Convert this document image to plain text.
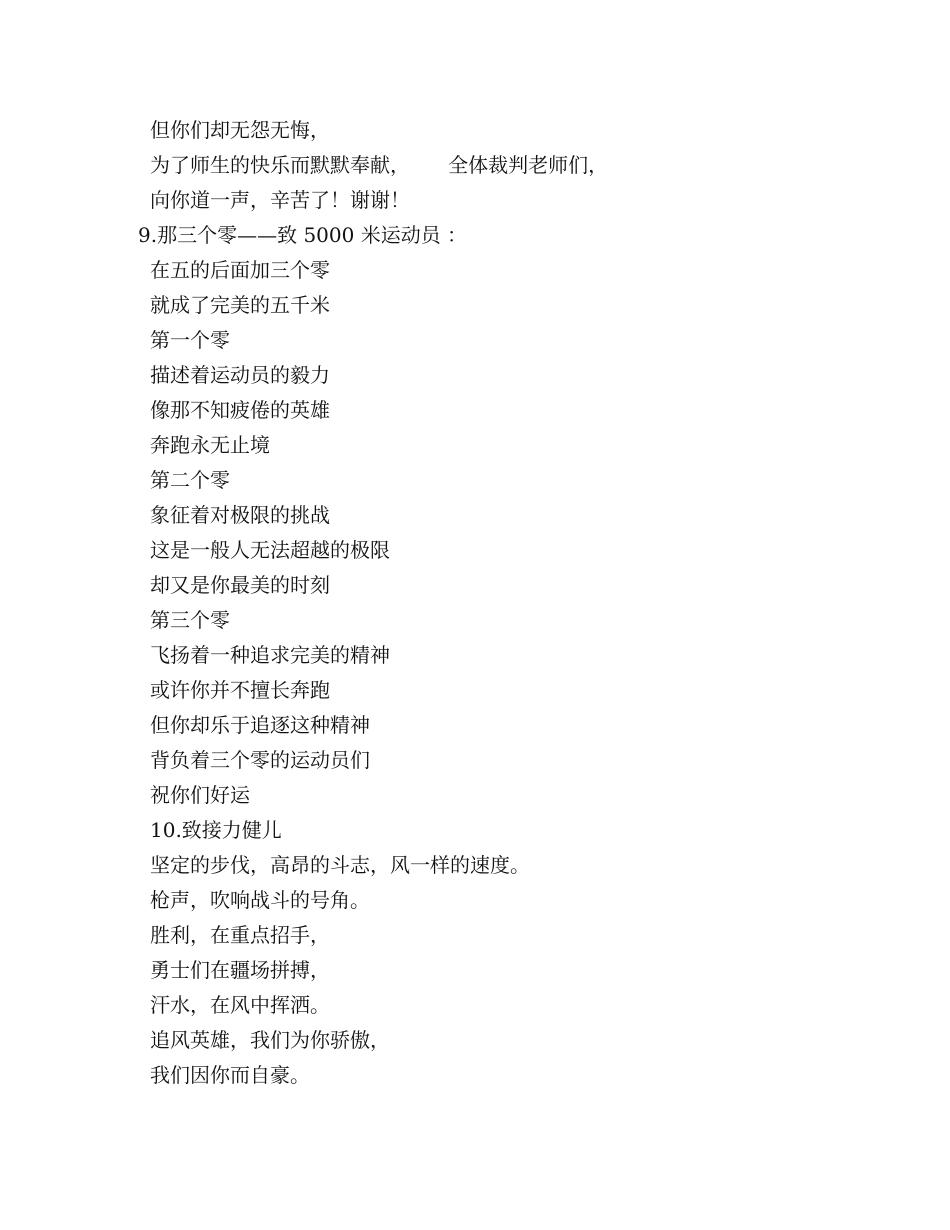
但你们却无怨无悔，

为了师生的快乐而默默奉献，      全体裁判老师们，

向你道一声，辛苦了！谢谢！

9.那三个零——致 5000 米运动员 ：

在五的后面加三个零

就成了完美的五千米

第一个零

描述着运动员的毅力

像那不知疲倦的英雄

奔跑永无止境

第二个零

象征着对极限的挑战

这是一般人无法超越的极限

却又是你最美的时刻

第三个零

飞扬着一种追求完美的精神

或许你并不擅长奔跑

但你却乐于追逐这种精神

背负着三个零的运动员们

祝你们好运

10.致接力健儿

坚定的步伐，高昂的斗志，风一样的速度。

枪声，吹响战斗的号角。

胜利，在重点招手，

勇士们在疆场拼搏，

汗水，在风中挥洒。

追风英雄，我们为你骄傲，

我们因你而自豪。
